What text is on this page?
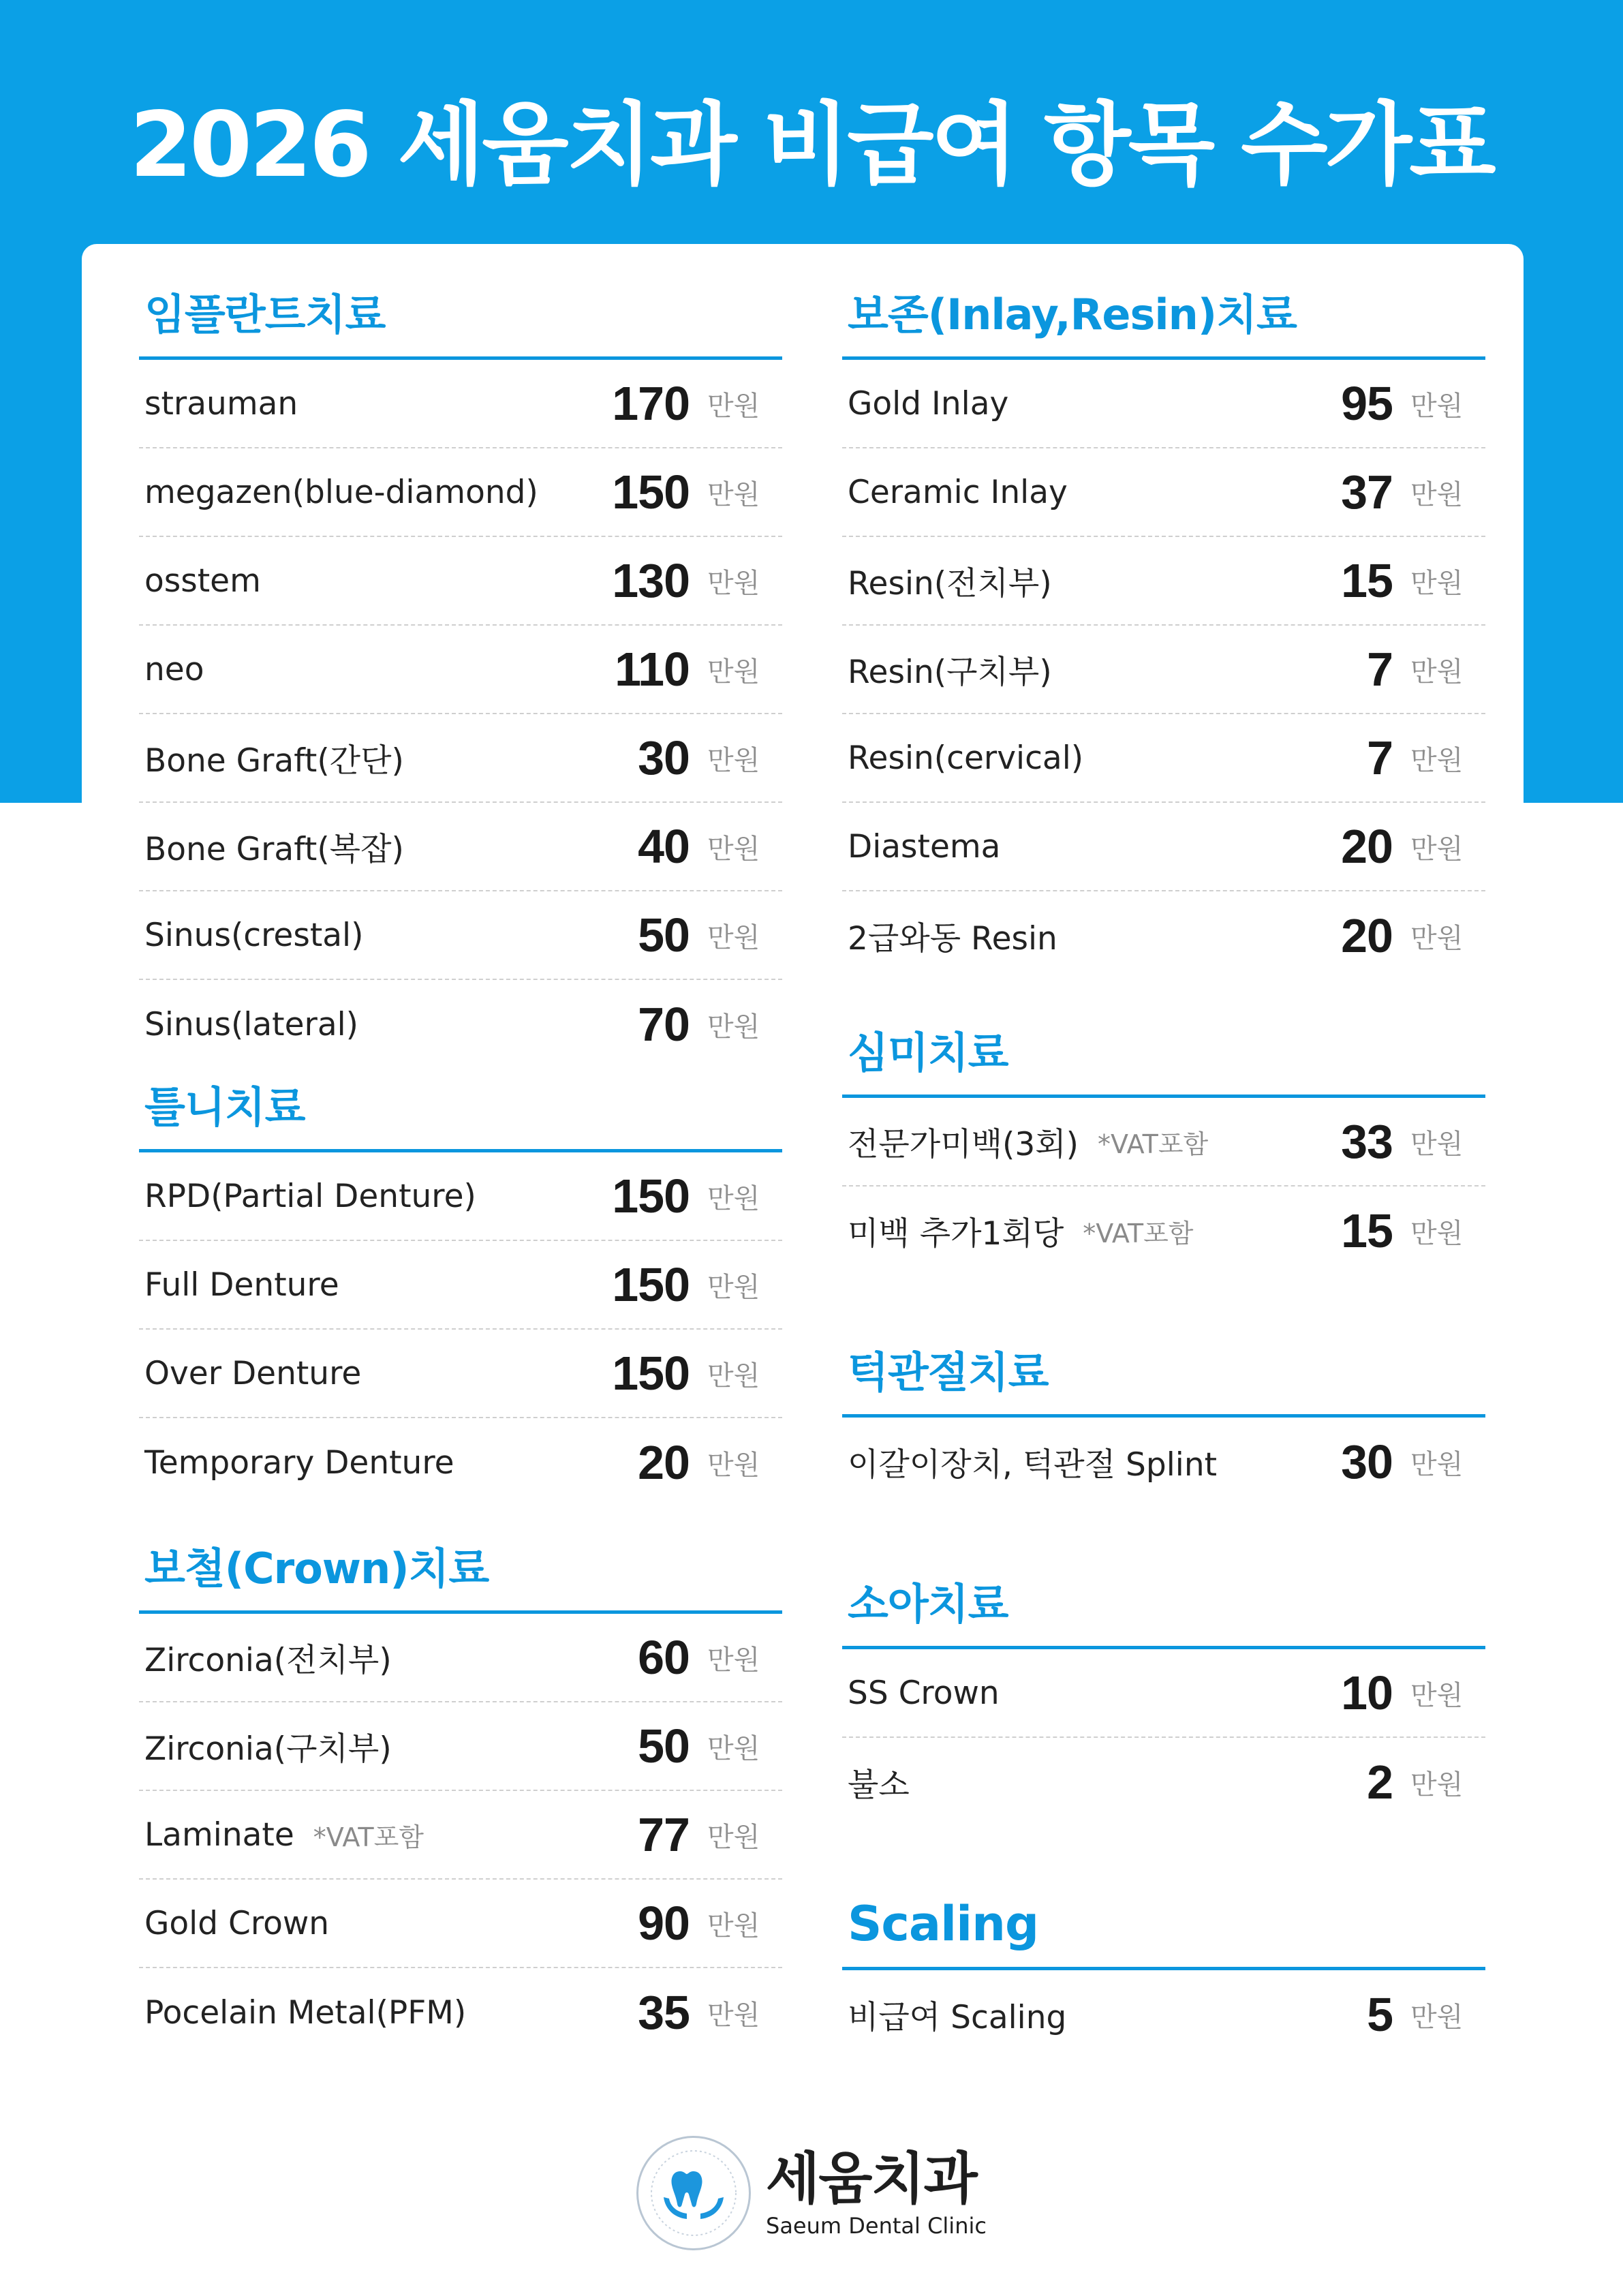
2026 세움치과 비급여 항목 수가표
임플란트치료
strauman	170 만원
megazen(blue-diamond)	150 만원
osstem	130 만원
neo	110 만원
Bone Graft(간단)	30 만원
Bone Graft(복잡)	40 만원
Sinus(crestal)	50 만원
Sinus(lateral)	70 만원
틀니치료
RPD(Partial Denture)	150 만원
Full Denture	150 만원
Over Denture	150 만원
Temporary Denture	20 만원
보철(Crown)치료
Zirconia(전치부)	60 만원
Zirconia(구치부)	50 만원
Laminate *VAT포함	77 만원
Gold Crown	90 만원
Pocelain Metal(PFM)	35 만원
보존(Inlay,Resin)치료
Gold Inlay	95 만원
Ceramic Inlay	37 만원
Resin(전치부)	15 만원
Resin(구치부)	7 만원
Resin(cervical)	7 만원
Diastema	20 만원
2급와동 Resin	20 만원
심미치료
전문가미백(3회) *VAT포함	33 만원
미백 추가1회당 *VAT포함	15 만원
턱관절치료
이갈이장치, 턱관절 Splint	30 만원
소아치료
SS Crown	10 만원
불소	2 만원
Scaling
비급여 Scaling	5 만원
세움치과
Saeum Dental Clinic
